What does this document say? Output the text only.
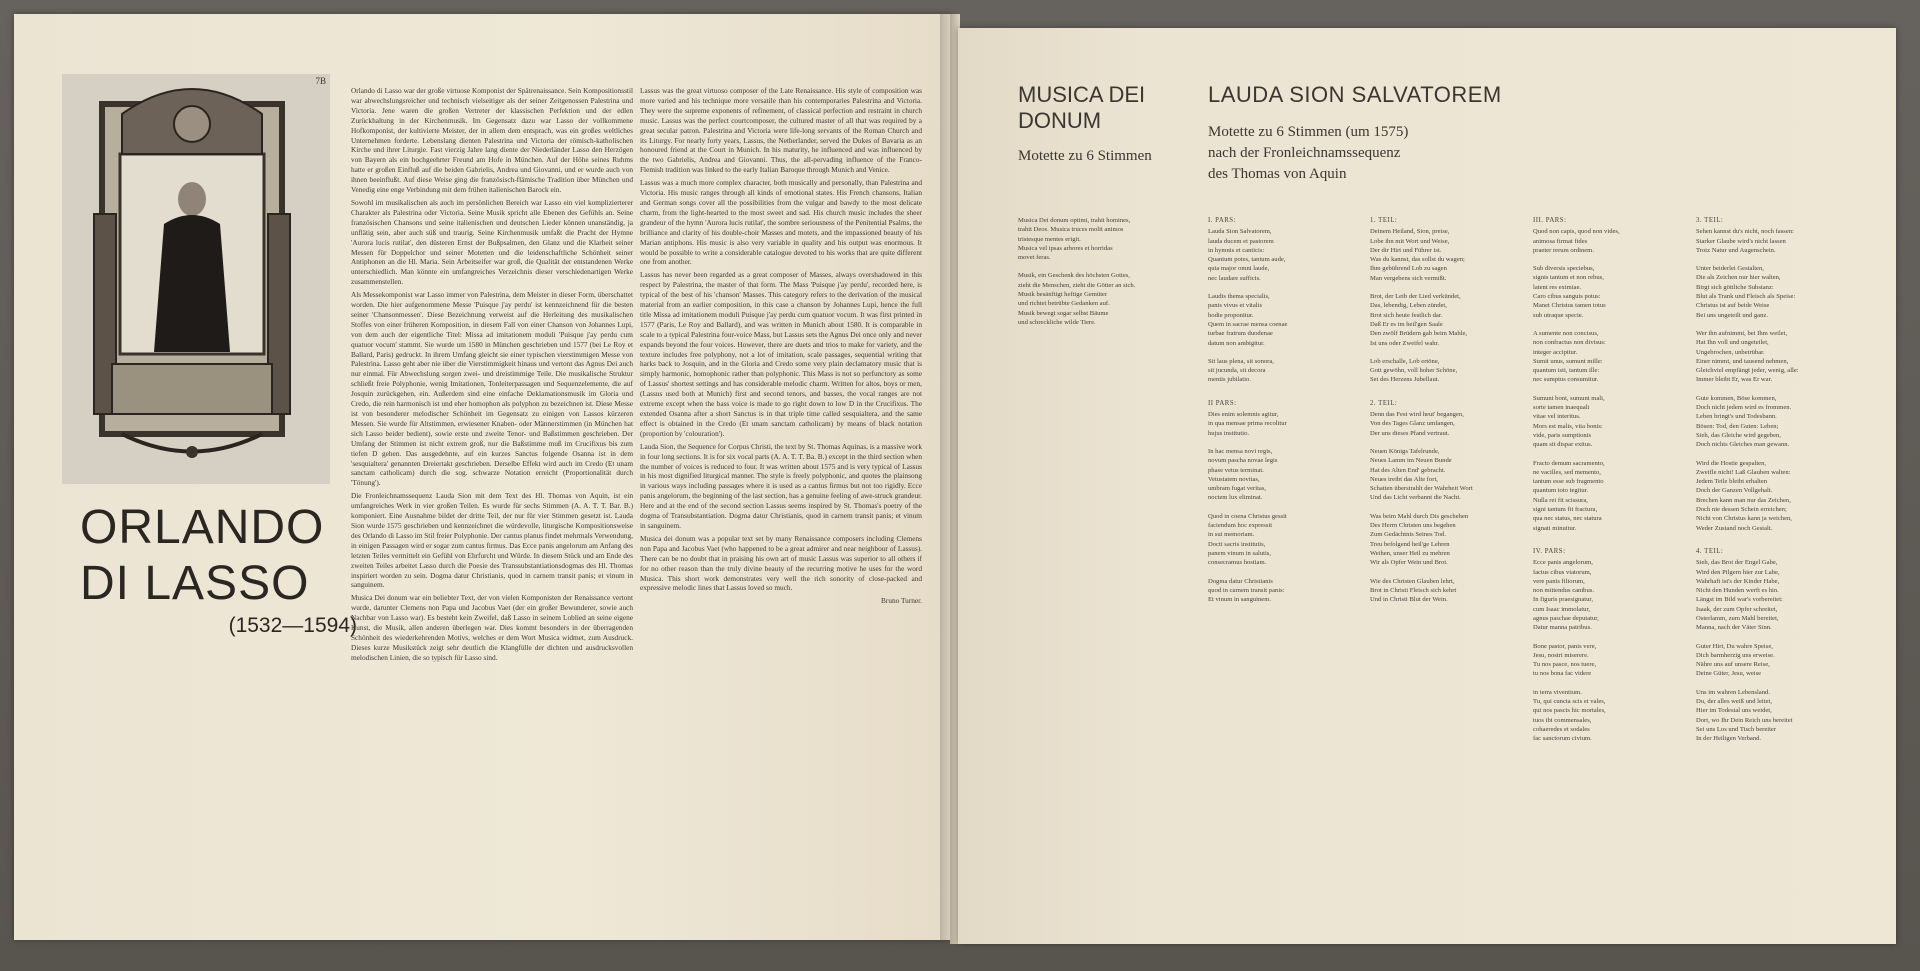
7B
ORLANDO
DI LASSO
(1532—1594)

Orlando di Lasso war der große virtuose Komponist der Spätrenaissance. Sein Kompositionsstil war abwechslungsreicher und technisch vielseitiger als der seiner Zeitgenossen Palestrina und Victoria. Jene waren die großen Vertreter der klassischen Perfektion und der edlen Zurückhaltung in der Kirchenmusik. Im Gegensatz dazu war Lasso der vollkommene Hofkomponist, der kultivierte Meister, der in allem dem entsprach, was ein großes weltliches Unternehmen forderte. Lebenslang dienten Palestrina und Victoria der römisch-katholischen Kirche und ihrer Liturgie. Fast vierzig Jahre lang diente der Niederländer Lasso den Herzögen von Bayern als ein hochgeehrter Freund am Hofe in München. Auf der Höhe seines Ruhms hatte er großen Einfluß auf die beiden Gabrielis, Andrea und Giovanni, und er wurde auch von ihnen beeinflußt. Auf diese Weise ging die französisch-flämische Tradition über München und Venedig eine enge Verbindung mit dem frühen italienischen Barock ein.

Sowohl im musikalischen als auch im persönlichen Bereich war Lasso ein viel komplizierterer Charakter als Palestrina oder Victoria. Seine Musik spricht alle Ebenen des Gefühls an. Seine französischen Chansons und seine italienischen und deutschen Lieder können unanständig, ja unflätig sein, aber auch süß und traurig. Seine Kirchenmusik umfaßt die Pracht der Hymne 'Aurora lucis rutilat', den düsteren Ernst der Bußpsalmen, den Glanz und die Klarheit seiner Messen für Doppelchor und seiner Motetten und die leidenschaftliche Schönheit seiner Antiphonen an die Hl. Maria. Sein Arbeitseifer war groß, die Qualität der entstandenen Werke unterschiedlich. Man könnte ein umfangreiches Verzeichnis dieser verschiedenartigen Werke zusammenstellen.

Als Messekomponist war Lasso immer von Palestrina, dem Meister in dieser Form, überschattet worden. Die hier aufgenommene Messe 'Puisque j'ay perdu' ist kennzeichnend für die besten seiner 'Chansonmessen'. Diese Bezeichnung verweist auf die Herleitung des musikalischen Stoffes von einer früheren Komposition, in diesem Fall von einer Chanson von Johannes Lupi, von dem auch der eigentliche Titel: Missa ad imitationem moduli 'Puisque j'ay perdu cum quatuor vocum' stammt. Sie wurde um 1580 in München geschrieben und 1577 (bei Le Roy et Ballard, Paris) gedruckt. In ihrem Umfang gleicht sie einer typischen vierstimmigen Messe von Palestrina. Lasso geht aber nie über die Vierstimmigkeit hinaus und vertont das Agnus Dei auch nur einmal. Für Abwechslung sorgen zwei- und dreistimmige Teile. Die musikalische Struktur schließt freie Polyphonie, wenig Imitationen, Tonleiterpassagen und Sequenzelemente, die auf Josquin zurückgehen, ein. Außerdem sind eine einfache Deklamationsmusik im Gloria und Credo, die rein harmonisch ist und eher homophon als polyphon zu bezeichnen ist. Diese Messe ist von besonderer melodischer Schönheit im Gegensatz zu einigen von Lassos kürzeren Messen. Sie wurde für Altstimmen, erwiesener Knaben- oder Männerstimmen (in München hat sich Lasso beider bedient), sowie erste und zweite Tenor- und Baßstimmen geschrieben. Der Umfang der Stimmen ist nicht extrem groß, nur die Baßstimme muß im Crucifixus bis zum tiefen D gehen. Das ausgedehnte, auf ein kurzes Sanctus folgende Osanna ist in dem 'sesquialtera' genannten Dreiertakt geschrieben. Derselbe Effekt wird auch im Credo (Et unam sanctam catholicam) durch die sog. schwarze Notation erreicht (Proportionalität durch 'Tönung').

Die Fronleichnamssequenz Lauda Sion mit dem Text des Hl. Thomas von Aquin, ist ein umfangreiches Werk in vier großen Teilen. Es wurde für sechs Stimmen (A. A. T. T. Bar. B.) komponiert. Eine Ausnahme bildet der dritte Teil, der nur für vier Stimmen gesetzt ist. Lauda Sion wurde 1575 geschrieben und kennzeichnet die würdevolle, liturgische Kompositionsweise des Orlando di Lasso im Stil freier Polyphonie. Der cantus planus findet mehrmals Verwendung, in einigen Passagen wird er sogar zum cantus firmus. Das Ecce panis angelorum am Anfang des letzten Teiles vermittelt ein Gefühl von Ehrfurcht und Würde. In diesem Stück und am Ende des zweiten Teiles arbeitet Lasso durch die Poesie des Transsubstantiationsdogmas des Hl. Thomas inspiriert worden zu sein. Dogma datur Christianis, quod in carnem transit panis; et vinum in sanguinem.

Musica Dei donum war ein beliebter Text, der von vielen Komponisten der Renaissance vertont wurde, darunter Clemens non Papa und Jacobus Vaet (der ein großer Bewunderer, sowie auch Nachbar von Lasso war). Es besteht kein Zweifel, daß Lasso in seinem Loblied an seine eigene Kunst, die Musik, allen anderen überlegen war. Dies kommt besonders in der überragenden Schönheit des wiederkehrenden Motivs, welches er dem Wort Musica widmet, zum Ausdruck. Dieses kurze Musikstück zeigt sehr deutlich die Klangfülle der dichten und ausdrucksvollen melodischen Linien, die so typisch für Lasso sind.

Lassus was the great virtuoso composer of the Late Renaissance. His style of composition was more varied and his technique more versatile than his contemporaries Palestrina and Victoria. They were the supreme exponents of refinement, of classical perfection and restraint in church music. Lassus was the perfect courtcomposer, the cultured master of all that was required by a great secular patron. Palestrina and Victoria were life-long servants of the Roman Church and its Liturgy. For nearly forty years, Lassus, the Netherlander, served the Dukes of Bavaria as an honoured friend at the Court in Munich. In his maturity, he influenced and was influenced by the two Gabrielis, Andrea and Giovanni. Thus, the all-pervading influence of the Franco-Flemish tradition was linked to the early Italian Baroque through Munich and Venice.

Lassus was a much more complex character, both musically and personally, than Palestrina and Victoria. His music ranges through all kinds of emotional states. His French chansons, Italian and German songs cover all the possibilities from the vulgar and bawdy to the most delicate charm, from the light-hearted to the most sweet and sad. His church music includes the sheer grandeur of the hymn 'Aurora lucis rutilat', the sombre seriousness of the Penitential Psalms, the brilliance and clarity of his double-choir Masses and motets, and the impassioned beauty of his Marian antiphons. His music is also very variable in quality and his output was enormous. It would be possible to write a considerable catalogue devoted to his works that are quite different one from another.

Lassus has never been regarded as a great composer of Masses, always overshadowed in this respect by Palestrina, the master of that form. The Mass 'Puisque j'ay perdu', recorded here, is typical of the best of his 'chanson' Masses. This category refers to the derivation of the musical material from an earlier composition, in this case a chanson by Johannes Lupi, hence the full title Missa ad imitationem moduli Puisque j'ay perdu cum quatuor vocum. It was first printed in 1577 (Paris, Le Roy and Ballard), and was written in Munich about 1580. It is comparable in scale to a typical Palestrina four-voice Mass, but Lassus sets the Agnus Dei once only and never expands beyond the four voices. However, there are duets and trios to make for variety, and the texture includes free polyphony, not a lot of imitation, scale passages, sequential writing that harks back to Josquin, and in the Gloria and Credo some very plain declamatory music that is simply harmonic, homophonic rather than polyphonic. This Mass is not so perfunctory as some of Lassus' shortest settings and has considerable melodic charm. Written for altos, boys or men, (Lassus used both at Munich) first and second tenors, and basses, the vocal ranges are not extreme except when the bass voice is made to go right down to low D in the Crucifixus. The extended Osanna after a short Sanctus is in that triple time called sesquialtera, and the same effect is obtained in the Credo (Et unam sanctam catholicam) by means of black notation (proportion by 'colouration').

Lauda Sion, the Sequence for Corpus Christi, the text by St. Thomas Aquinas, is a massive work in four long sections. It is for six vocal parts (A. A. T. T. Ba. B.) except in the third section when the number of voices is reduced to four. It was written about 1575 and is very typical of Lassus in his most dignified liturgical manner. The style is freely polyphonic, and quotes the plainsong in various ways including passages where it is used as a cantus firmus but not too rigidly. Ecce panis angelorum, the beginning of the last section, has a genuine feeling of awe-struck grandeur. Here and at the end of the second section Lassus seems inspired by St. Thomas's poetry of the dogma of Transubstantiation. Dogma datur Christianis, quod in carnem transit panis; et vinum in sanguinem.

Musica dei donum was a popular text set by many Renaissance composers including Clemens non Papa and Jacobus Vaet (who happened to be a great admirer and near neighbour of Lassus). There can be no doubt that in praising his own art of music Lassus was superior to all others if for no other reason than the truly divine beauty of the recurring motive he uses for the word Musica. This short work demonstrates very well the rich sonority of close-packed and expressive melodic lines that Lassus loved so much.

Bruno Turner.
MUSICA DEI DONUM
Motette zu 6 Stimmen
LAUDA SION SALVATOREM
Motette zu 6 Stimmen (um 1575)
nach der Fronleichnamssequenz
des Thomas von Aquin
Musica Dei donum optimi, trahit homines,
trahit Deos. Musica truces molit animos
tristesque mentes erigit.
Musica vel ipsas arbores et horridas
movet feras.
Musik, ein Geschenk des höchsten Gottes,
zieht die Menschen, zieht die Götter an sich.
Musik besänftigt heftige Gemüter
und richtet betrübte Gedanken auf.
Musik bewegt sogar selbst Bäume
und schreckliche wilde Tiere.
I. PARS:
Lauda Sion Salvatorem,
lauda ducem et pastorem
in hymnis et canticis:
Quantum potes, tantum aude,
quia major omni laude,
nec laudare sufficis.
Laudis thema specialis,
panis vivus et vitalis
hodie proponitur.
Quem in sacrae mensa coenae
turbae fratrum duodenae
datum non ambigitur.
Sit laus plena, sit sonora,
sit jucunda, sit decora
mentis jubilatio.
II PARS:
Dies enim solemnis agitur,
in qua mensae prima recolitur
hujus institutio.
In hac mensa novi regis,
novum pascha novae legis
phase vetus terminat.
Vetustatem novitas,
umbram fugat veritas,
noctem lux eliminat.
Quod in coena Christus gessit
faciendum hoc expressit
in sui memoriam.
Docti sacris institutis,
panem vinum in salutis,
consecramus hostiam.
Dogma datur Christianis
quod in carnem transit panis:
Et vinum in sanguinem.
1. TEIL:
Deinem Heiland, Sion, preise,
Lobe ihn mit Wort und Weise,
Der dir Hirt und Führer ist.
Was du kannst, das sollst du wagen;
Ihm gebührend Lob zu sagen
Man vergebens sich vermißt.
Brot, der Leib der Lied verkündet,
Das, lebendig, Leben zündet,
Brot sich heute festlich dar.
Daß Er es im heil'gen Saale
Den zwölf Brüdern gab beim Mahle,
Ist uns oder Zweifel wahr.
Lob erschalle, Lob ertöne,
Gott gewöhn, voll hoher Schöne,
Sei des Herzens Jubellaut.
2. TEIL:
Denn das Fest wird heut' begangen,
Von des Tages Glanz umfangen,
Der uns dieses Pfand vertraut.
Neuen Königs Tafelrunde,
Neues Lamm im Neuen Bunde
Hat des Alten End' gebracht.
Neues treibt das Alte fort,
Schatten überstrahlt der Wahrheit Wort
Und das Licht verbannt die Nacht.
Was beim Mahl durch Dis geschehen
Des Herrn Christen uns begehen
Zum Gedächtnis Seines Tod.
Treu befolgend heil'ge Lehren
Weihen, unser Heil zu mehren
Wir als Opfer Wein und Brot.
Wie des Christen Glauben lehrt,
Brot in Christi Fleisch sich kehrt
Und in Christi Blut der Wein.
III. PARS:
Quod non capis, quod non vides,
animosa firmat fides
praeter rerum ordinem.
Sub diversis speciebus,
signis tantum et non rebus,
latent res eximiae.
Caro cibus sanguis potus:
Manet Christus tamen totus
sub utraque specie.
A sumente non concisus,
non confractus non divisus:
integer accipitur.
Sumit unus, sumunt mille:
quantum isti, tantum ille:
nec sumptus consumitur.
Sumunt boni, sumunt mali,
sorte tamen inaequali
vitae vel interitus.
Mors est malis, vita bonis:
vide, paris sumptionis
quam sit dispar exitus.
Fracto demum sacramento,
ne vacilles, sed memento,
tantum esse sub fragmento
quantum toto tegitur.
Nulla rei fit scissura,
signi tantum fit fractura,
qua nec status, nec statura
signati minuitur.
IV. PARS:
Ecce panis angelorum,
factus cibus viatorum,
vere panis filiorum,
non mittendus canibus.
In figuris praesignatur,
cum Isaac immolatur,
agnus paschae deputatur,
Datur manna patribus.
Bone pastor, panis vere,
Jesu, nostri miserere.
Tu nos pasce, nos tuere,
tu nos bona fac videre
in terra viventium.
Tu, qui cuncta scis et vales,
qui nos pascis hic mortales,
tuos ibi commensales,
cohaeredes et sodales
fac sanctorum civium.
3. TEIL:
Sehen kannst du's nicht, noch fassen:
Starker Glaube wird's nicht lassen
Trotz Natur und Augenschein.
Unter beiderlei Gestalten,
Die als Zeichen nur hier walten,
Birgt sich göttliche Substanz:
Blut als Trank und Fleisch als Speise:
Christus ist auf beide Weise
Bei uns ungeteilt und ganz.
Wer ihn aufnimmt, bei Ihm weilet,
Hat Ihn voll und ungeteilet,
Ungebrochen, unbetrübar.
Einer nimmt, und tausend nehmen,
Gleichviel empfängt jeder, wenig, alle:
Immer bleibt Er, was Er war.
Gute kommen, Böse kommen,
Doch nicht jedem wird es frommen.
Leben bringt's und Todesbann.
Bösen: Tod, den Guten: Leben;
Sieh, das Gleiche wird gegeben,
Doch nichts Gleiches man gewann.
Wird die Hostie gespalten,
Zweifle nicht! Laß Glauben walten:
Jedem Teile bleibt erhalten
Doch der Ganzen Vollgehalt.
Brechen kann man nur das Zeichen,
Doch nie dessen Schein erreichen;
Nicht von Christus kann ja weichen,
Weder Zustand noch Gestalt.
4. TEIL:
Sieh, das Brot der Engel Gabe,
Wird den Pilgern hier zur Labe,
Wahrhaft ist's der Kinder Habe,
Nicht den Hunden werft es hin.
Längst im Bild war's vorbereitet:
Isaak, der zum Opfer schreitet,
Osterlamm, zum Mahl bereitet,
Manna, nach der Väter Sinn.
Guter Hirt, Du wahre Speise,
Dich barmherzig uns erweise.
Nähre uns auf unsere Reise,
Deine Güter, Jesu, weise
Uns im wahren Lebensland.
Du, der alles weiß und leitet,
Hier im Todestal uns weidet,
Dort, wo Ihr Dein Reich uns bereitet
Sei uns Los und Tisch bereiter
In der Heiligen Verband.
